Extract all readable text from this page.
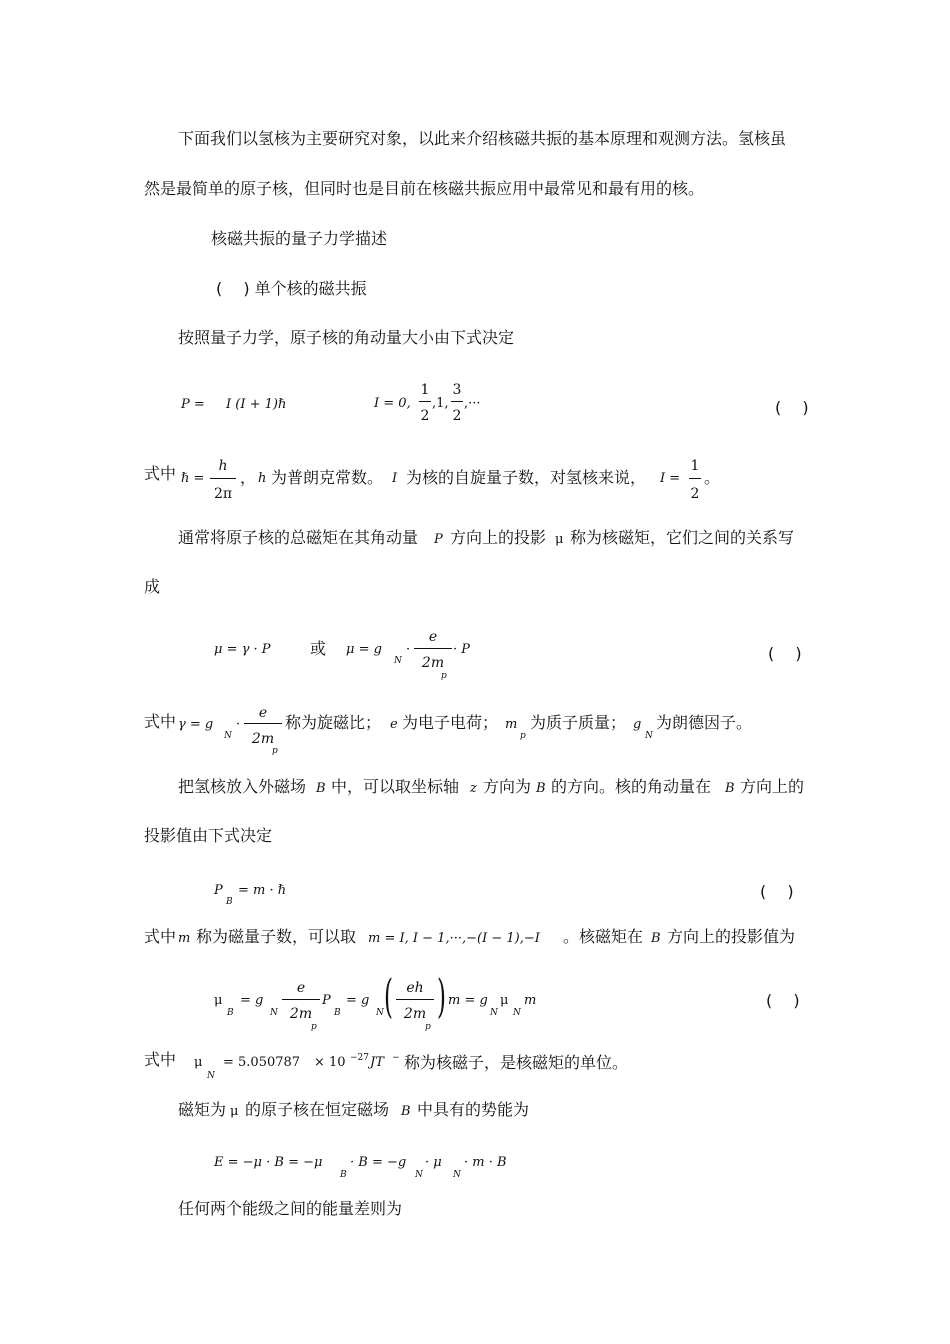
下面我们以氢核为主要研究对象，以此来介绍核磁共振的基本原理和观测方法。氢核虽
然是最简单的原子核，但同时也是目前在核磁共振应用中最常见和最有用的核。
核磁共振的量子力学描述
(　 ) 单个核的磁共振
按照量子力学，原子核的角动量大小由下式决定
P = I (I + 1)ℏ	I = 0,
1
2
,1,
3
2
,···	(　 )
式中 ℏ =
h
2π
， h 为普朗克常数。 I 为核的自旋量子数，对氢核来说， I =
1
2
。
通常将原子核的总磁矩在其角动量 P 方向上的投影 μ 称为核磁矩，它们之间的关系写
成
μ = γ · P 或 μ = g
N
·
e
2m
p
· P	(　 )
式中 γ = g
N
·
e
2m
p
称为旋磁比； e 为电子电荷； m
p
为质子质量； g
N
为朗德因子。
把氢核放入外磁场 B 中，可以取坐标轴 z 方向为 B 的方向。核的角动量在 B 方向上的
投影值由下式决定
P
B
= m · ℏ	(　 )
式中 m 称为磁量子数，可以取 m = I, I − 1,···,−(I − 1),−I 。核磁矩在 B 方向上的投影值为
μ
B
= g
N
e
2m
p
P
B
= g
N ( eh
2m
p
) m = g
N
μ
N
m	(　 )
式中 μ
N
= 5.050787 × 10 −27 JT − 称为核磁子，是核磁矩的单位。
磁矩为 μ 的原子核在恒定磁场 B 中具有的势能为
E = −μ · B = −μ
B
· B = −g
N
· μ
N
· m · B
任何两个能级之间的能量差则为
